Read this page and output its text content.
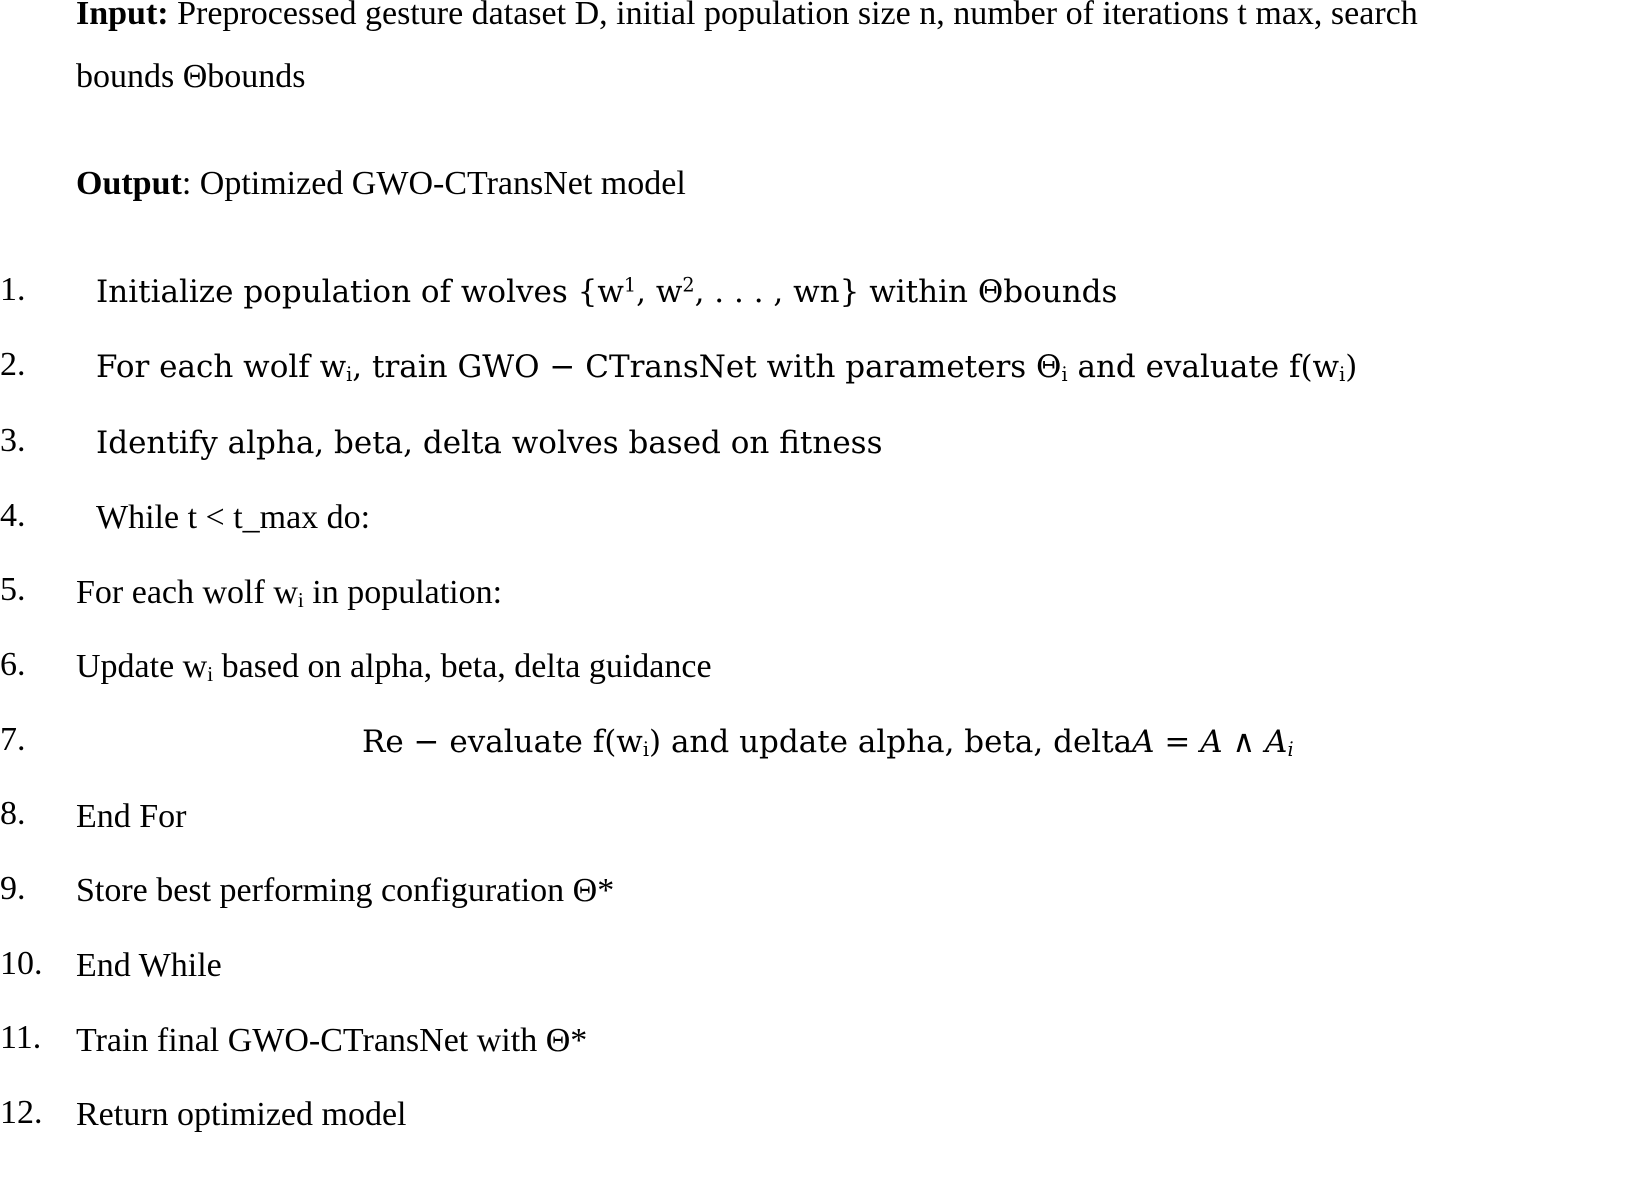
Input: Preprocessed gesture dataset D, initial population size n, number of iterations t max, search
bounds Θbounds
Output: Optimized GWO-CTransNet model
1. Initialize population of wolves {$w^1$, $w^2$, . . . , wn} within Θbounds
2. For each wolf $w_i$, train GWO − CTransNet with parameters $\Theta_i$ and evaluate $f(w_i)$
3. Identify alpha, beta, delta wolves based on fitness
4. While t < t_max do:
5. For each wolf $w_i$ in population:
6. Update $w_i$ based on alpha, beta, delta guidance
7.	Re − evaluate $f(w_i)$ and update alpha, beta, deltaA = A ∧ $A_i$
8. End For
9. Store best performing configuration Θ*
10. End While
11. Train final GWO-CTransNet with Θ*
12. Return optimized model
